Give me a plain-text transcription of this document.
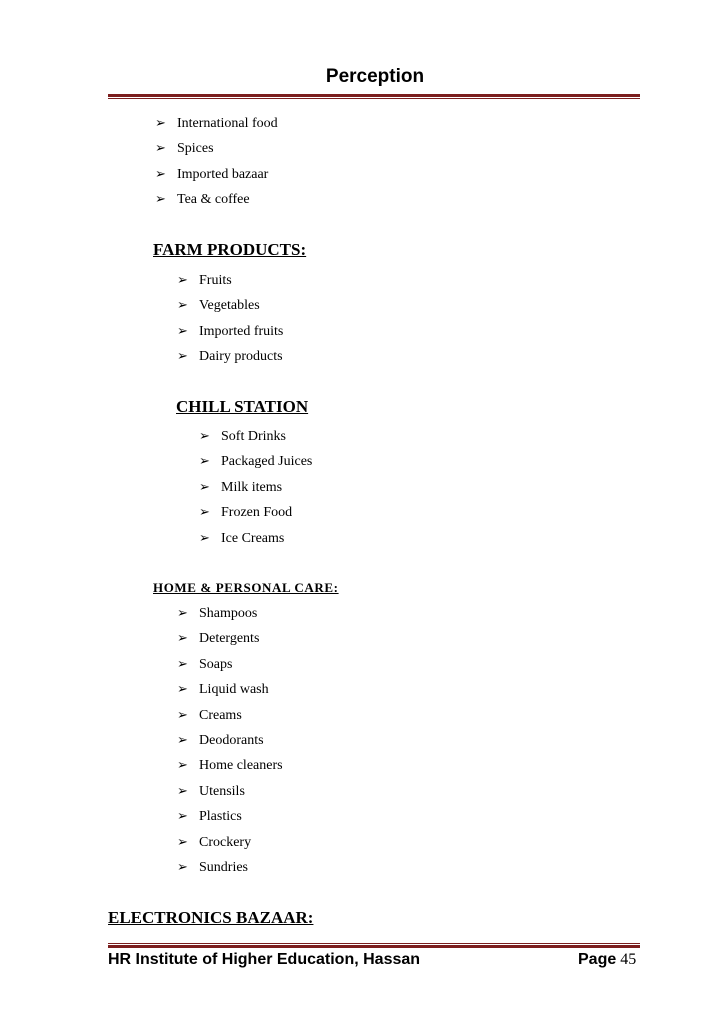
Perception
➢ International food
➢ Spices
➢ Imported bazaar
➢ Tea & coffee
FARM PRODUCTS:
➢ Fruits
➢ Vegetables
➢ Imported fruits
➢ Dairy products
CHILL STATION
➢ Soft Drinks
➢ Packaged Juices
➢ Milk items
➢ Frozen Food
➢ Ice Creams
HOME & PERSONAL CARE:
➢ Shampoos
➢ Detergents
➢ Soaps
➢ Liquid wash
➢ Creams
➢ Deodorants
➢ Home cleaners
➢ Utensils
➢ Plastics
➢ Crockery
➢ Sundries
ELECTRONICS BAZAAR:
HR Institute of Higher Education, Hassan	Page 45
